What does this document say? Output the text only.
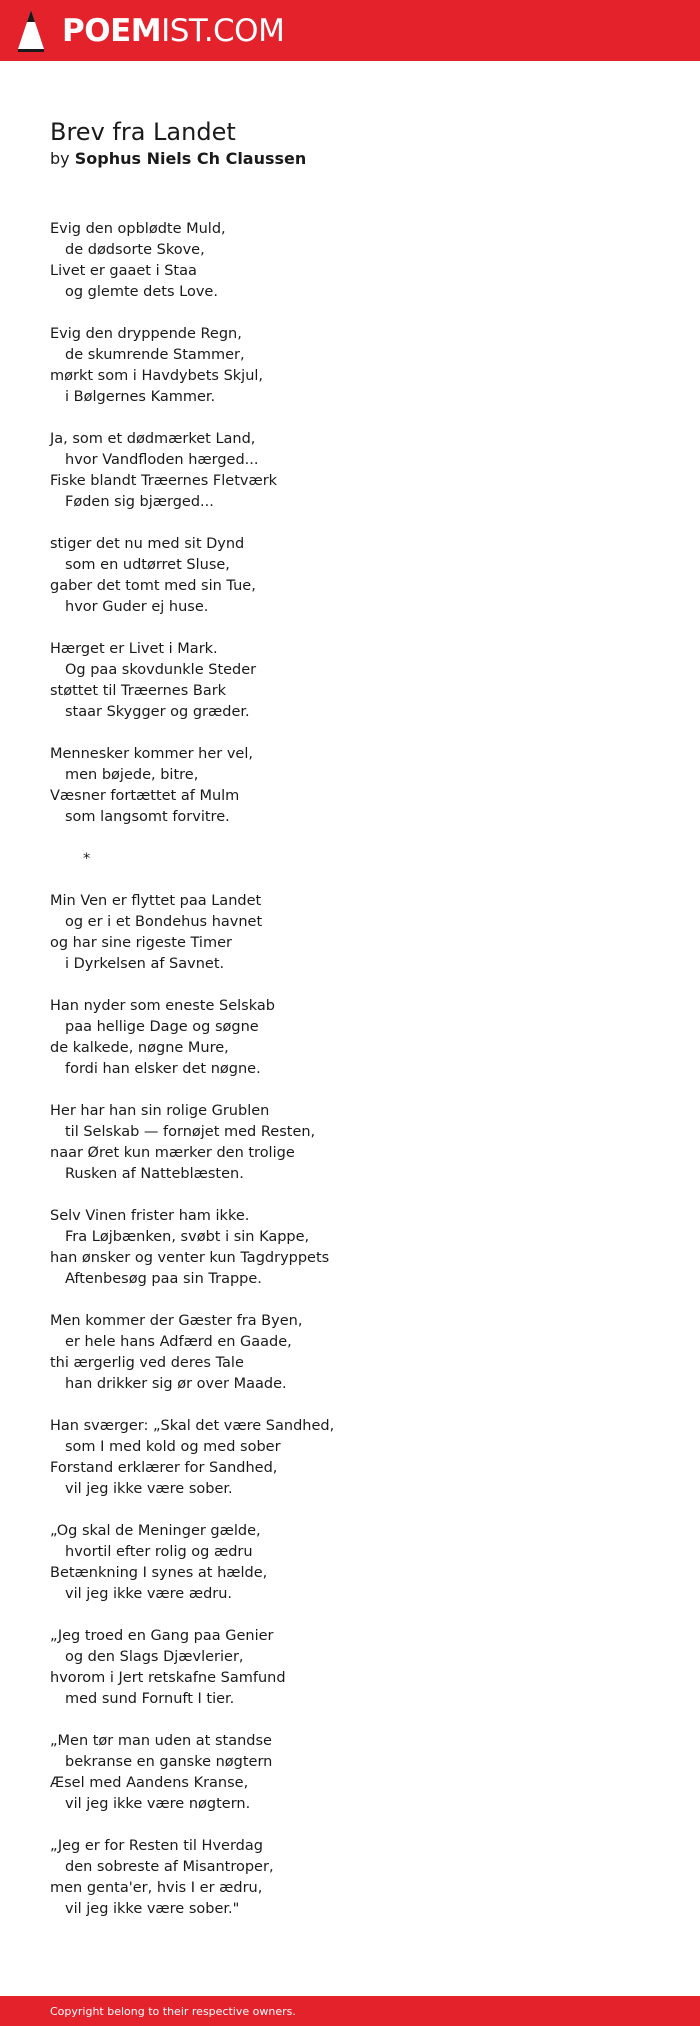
POEMIST.COM
Brev fra Landet
by Sophus Niels Ch Claussen
Evig den opblødte Muld,
de dødsorte Skove,
Livet er gaaet i Staa
og glemte dets Love.
Evig den dryppende Regn,
de skumrende Stammer,
mørkt som i Havdybets Skjul,
i Bølgernes Kammer.
Ja, som et dødmærket Land,
hvor Vandfloden hærged...
Fiske blandt Træernes Fletværk
Føden sig bjærged...
stiger det nu med sit Dynd
som en udtørret Sluse,
gaber det tomt med sin Tue,
hvor Guder ej huse.
Hærget er Livet i Mark.
Og paa skovdunkle Steder
støttet til Træernes Bark
staar Skygger og græder.
Mennesker kommer her vel,
men bøjede, bitre,
Væsner fortættet af Mulm
som langsomt forvitre.
*
Min Ven er flyttet paa Landet
og er i et Bondehus havnet
og har sine rigeste Timer
i Dyrkelsen af Savnet.
Han nyder som eneste Selskab
paa hellige Dage og søgne
de kalkede, nøgne Mure,
fordi han elsker det nøgne.
Her har han sin rolige Grublen
til Selskab — fornøjet med Resten,
naar Øret kun mærker den trolige
Rusken af Natteblæsten.
Selv Vinen frister ham ikke.
Fra Løjbænken, svøbt i sin Kappe,
han ønsker og venter kun Tagdryppets
Aftenbesøg paa sin Trappe.
Men kommer der Gæster fra Byen,
er hele hans Adfærd en Gaade,
thi ærgerlig ved deres Tale
han drikker sig ør over Maade.
Han sværger: „Skal det være Sandhed,
som I med kold og med sober
Forstand erklærer for Sandhed,
vil jeg ikke være sober.
„Og skal de Meninger gælde,
hvortil efter rolig og ædru
Betænkning I synes at hælde,
vil jeg ikke være ædru.
„Jeg troed en Gang paa Genier
og den Slags Djævlerier,
hvorom i Jert retskafne Samfund
med sund Fornuft I tier.
„Men tør man uden at standse
bekranse en ganske nøgtern
Æsel med Aandens Kranse,
vil jeg ikke være nøgtern.
„Jeg er for Resten til Hverdag
den sobreste af Misantroper,
men genta'er, hvis I er ædru,
vil jeg ikke være sober."
Copyright belong to their respective owners.
